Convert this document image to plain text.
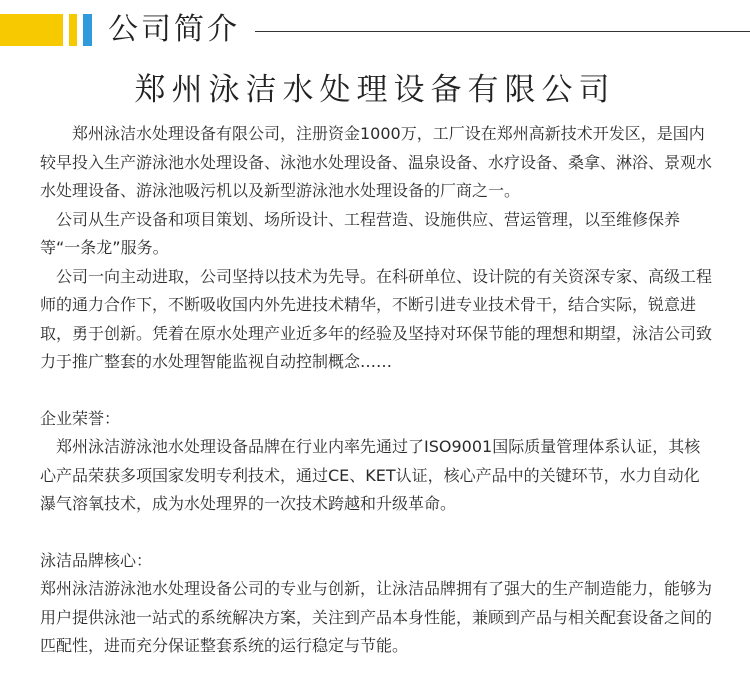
公司简介
郑州泳洁水处理设备有限公司

　　郑州泳洁水处理设备有限公司，注册资金1000万，工厂设在郑州高新技术开发区，是国内较早投入生产游泳池水处理设备、泳池水处理设备、温泉设备、水疗设备、桑拿、淋浴、景观水水处理设备、游泳池吸污机以及新型游泳池水处理设备的厂商之一。

　公司从生产设备和项目策划、场所设计、工程营造、设施供应、营运管理，以至维修保养等“一条龙”服务。

　公司一向主动进取，公司坚持以技术为先导。在科研单位、设计院的有关资深专家、高级工程师的通力合作下，不断吸收国内外先进技术精华，不断引进专业技术骨干，结合实际，锐意进取，勇于创新。凭着在原水处理产业近多年的经验及坚持对环保节能的理想和期望，泳洁公司致力于推广整套的水处理智能监视自动控制概念……

企业荣誉：

　郑州泳洁游泳池水处理设备品牌在行业内率先通过了ISO9001国际质量管理体系认证，其核心产品荣获多项国家发明专利技术，通过CE、KET认证，核心产品中的关键环节，水力自动化瀑气溶氧技术，成为水处理界的一次技术跨越和升级革命。

泳洁品牌核心：

郑州泳洁游泳池水处理设备公司的专业与创新，让泳洁品牌拥有了强大的生产制造能力，能够为用户提供泳池一站式的系统解决方案，关注到产品本身性能，兼顾到产品与相关配套设备之间的匹配性，进而充分保证整套系统的运行稳定与节能。
